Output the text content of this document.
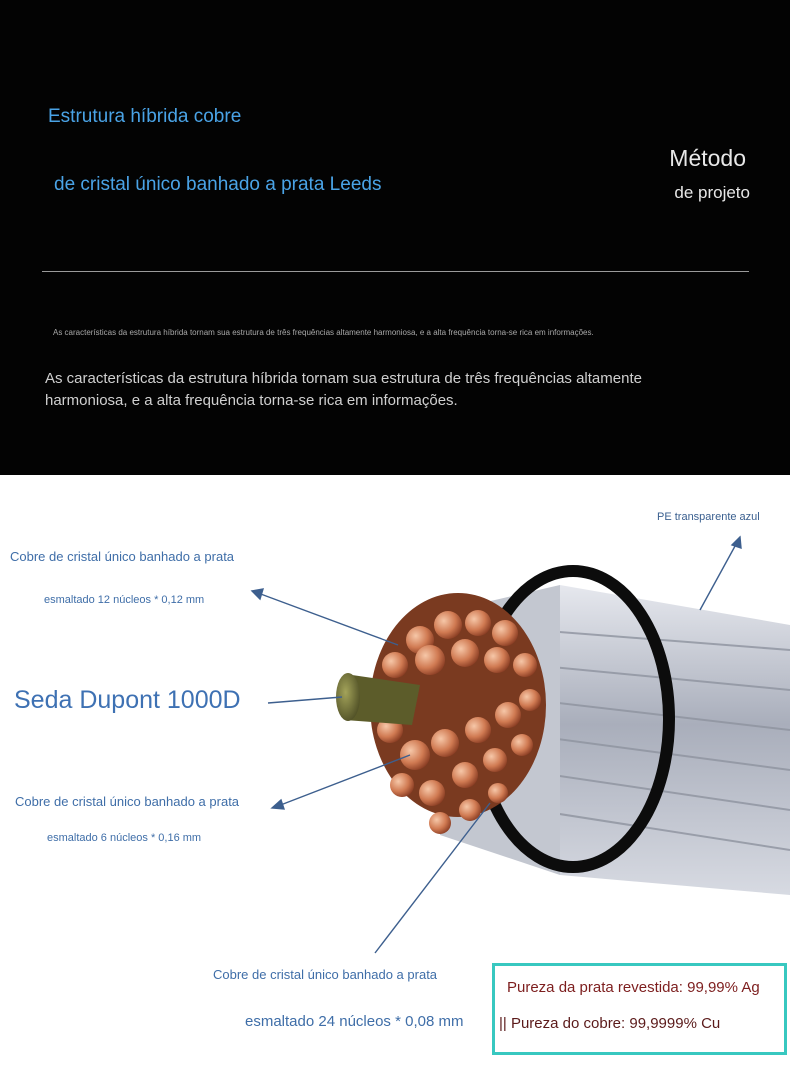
Estrutura híbrida cobre
de cristal único banhado a prata Leeds
Método
de projeto
As características da estrutura híbrida tornam sua estrutura de três frequências altamente harmoniosa, e a alta frequência torna-se rica em informações.
As características da estrutura híbrida tornam sua estrutura de três frequências altamente harmoniosa, e a alta frequência torna-se rica em informações.
PE transparente azul
Cobre de cristal único banhado a prata
esmaltado 12 núcleos * 0,12 mm
Seda Dupont 1000D
Cobre de cristal único banhado a prata
esmaltado 6 núcleos * 0,16 mm
Cobre de cristal único banhado a prata
esmaltado 24 núcleos * 0,08 mm
Pureza da prata revestida: 99,99% Ag
|| Pureza do cobre: 99,9999% Cu
